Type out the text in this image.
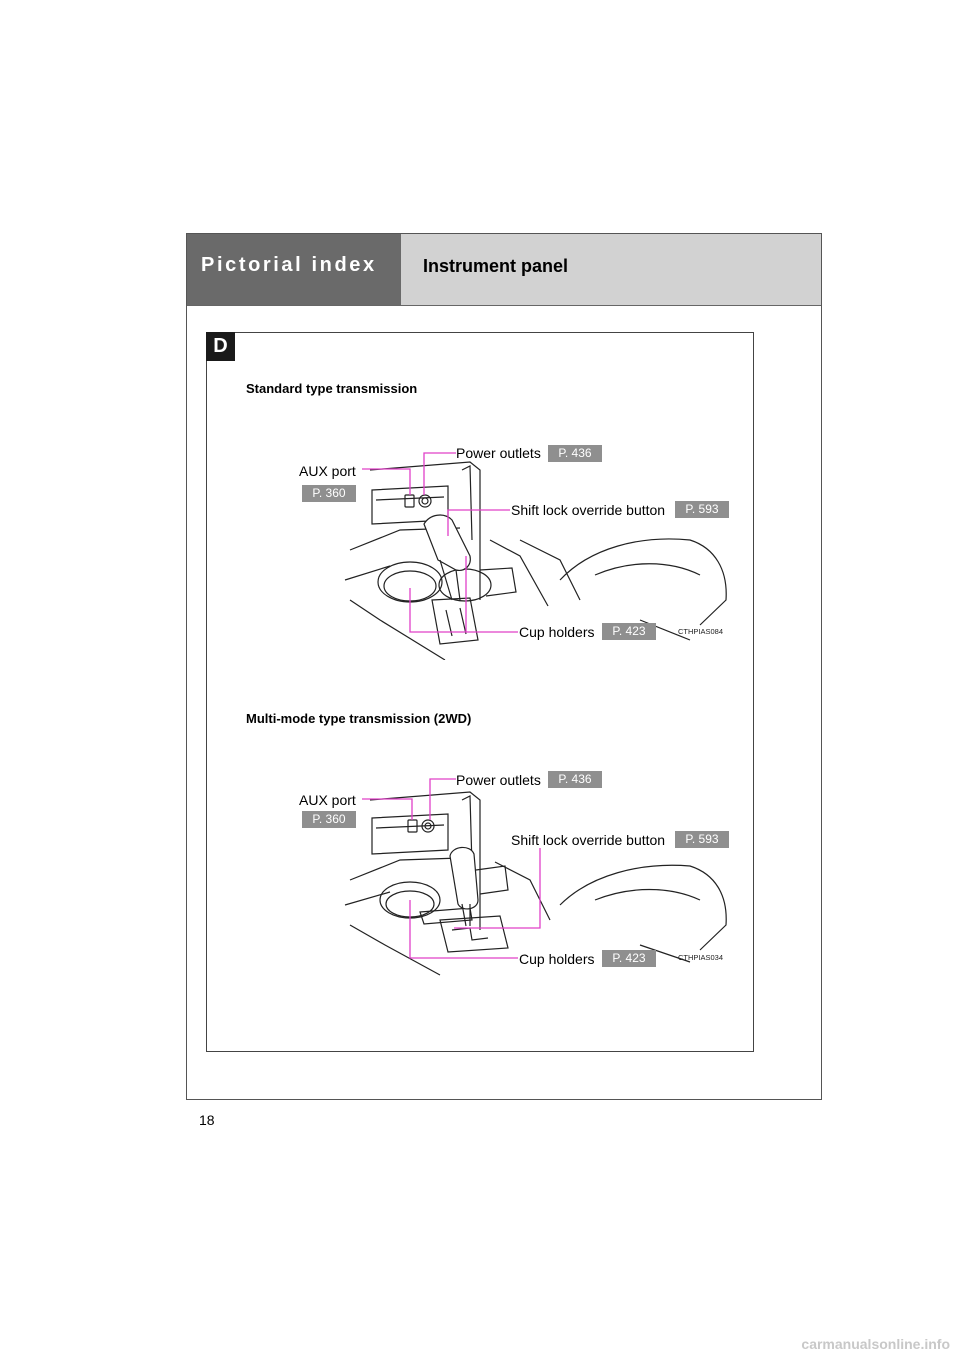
Pictorial index	Instrument panel
D
Standard type transmission
AUX port
P. 360
Power outlets	P. 436
Shift lock override button	P. 593
Cup holders	P. 423	CTHPIAS084
Multi-mode type transmission (2WD)
AUX port
P. 360
Power outlets	P. 436
Shift lock override button	P. 593
Cup holders	P. 423	CTHPIAS034
18
carmanualsonline.info
